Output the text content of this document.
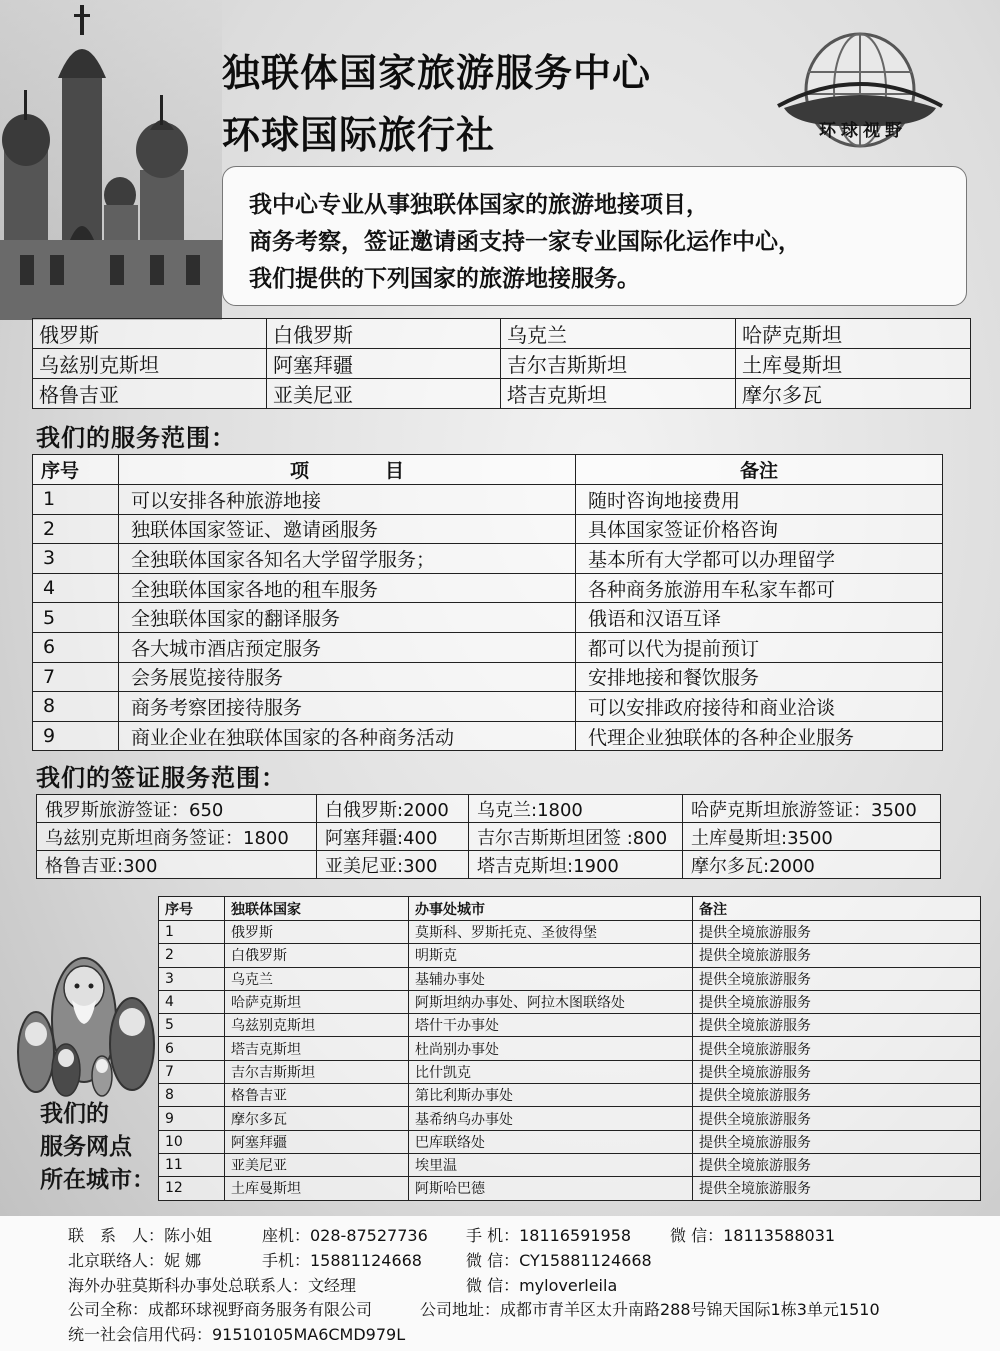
独联体国家旅游服务中心
环球国际旅行社	环球视野

我中心专业从事独联体国家的旅游地接项目，

商务考察，签证邀请函支持一家专业国际化运作中心，

我们提供的下列国家的旅游地接服务。

俄罗斯	白俄罗斯	乌克兰	哈萨克斯坦
乌兹别克斯坦	阿塞拜疆	吉尔吉斯斯坦	土库曼斯坦
格鲁吉亚	亚美尼亚	塔吉克斯坦	摩尔多瓦
我们的服务范围：
序号	项　　　　目	备注
1	可以安排各种旅游地接	随时咨询地接费用
2	独联体国家签证、邀请函服务	具体国家签证价格咨询
3	全独联体国家各知名大学留学服务；	基本所有大学都可以办理留学
4	全独联体国家各地的租车服务	各种商务旅游用车私家车都可
5	全独联体国家的翻译服务	俄语和汉语互译
6	各大城市酒店预定服务	都可以代为提前预订
7	会务展览接待服务	安排地接和餐饮服务
8	商务考察团接待服务	可以安排政府接待和商业洽谈
9	商业企业在独联体国家的各种商务活动	代理企业独联体的各种企业服务
我们的签证服务范围：
俄罗斯旅游签证：650	白俄罗斯:2000	乌克兰:1800	哈萨克斯坦旅游签证：3500
乌兹别克斯坦商务签证：1800	阿塞拜疆:400	吉尔吉斯斯坦团签 :800	土库曼斯坦:3500
格鲁吉亚:300	亚美尼亚:300	塔吉克斯坦:1900	摩尔多瓦:2000
我们的
服务网点
所在城市：
序号	独联体国家	办事处城市	备注
1	俄罗斯	莫斯科、罗斯托克、圣彼得堡	提供全境旅游服务
2	白俄罗斯	明斯克	提供全境旅游服务
3	乌克兰	基辅办事处	提供全境旅游服务
4	哈萨克斯坦	阿斯坦纳办事处、阿拉木图联络处	提供全境旅游服务
5	乌兹别克斯坦	塔什干办事处	提供全境旅游服务
6	塔吉克斯坦	杜尚别办事处	提供全境旅游服务
7	吉尔吉斯斯坦	比什凯克	提供全境旅游服务
8	格鲁吉亚	第比利斯办事处	提供全境旅游服务
9	摩尔多瓦	基希纳乌办事处	提供全境旅游服务
10	阿塞拜疆	巴库联络处	提供全境旅游服务
11	亚美尼亚	埃里温	提供全境旅游服务
12	土库曼斯坦	阿斯哈巴德	提供全境旅游服务
联　系　人：陈小姐	座机：028-87527736 手 机：18116591958 微 信：18113588031
北京联络人：妮 娜	手机：15881124668	微 信：CY15881124668
海外办驻莫斯科办事处总联系人：文经理	微 信：myloverleila
公司全称：成都环球视野商务服务有限公司	公司地址：成都市青羊区太升南路288号锦天国际1栋3单元1510
统一社会信用代码：91510105MA6CMD979L
